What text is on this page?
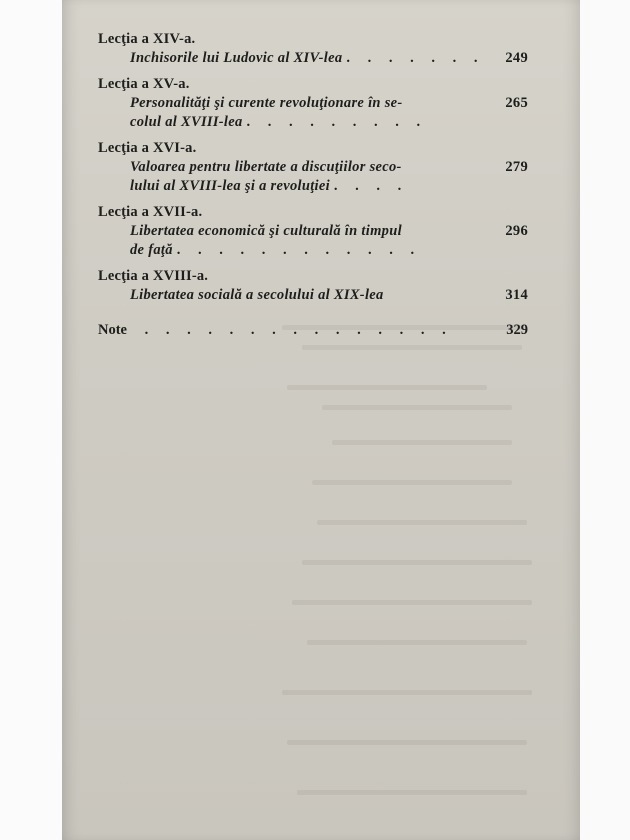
Lecţia a XIV-a.
Inchisorile lui Ludovic al XIV-lea . . . . . . . 249
Lecţia a XV-a.
Personalităţi şi curente revoluţionare în se-
colul al XVIII-lea . . . . . . . . .
265
Lecţia a XVI-a.
Valoarea pentru libertate a discuţiilor seco-
lului al XVIII-lea şi a revoluţiei . . . .
279
Lecţia a XVII-a.
Libertatea economică şi culturală în timpul
de faţă . . . . . . . . . . . .
296
Lecţia a XVIII-a.
Libertatea socială a secolului al XIX-lea	314
Note . . . . . . . . . . . . . . .	329
